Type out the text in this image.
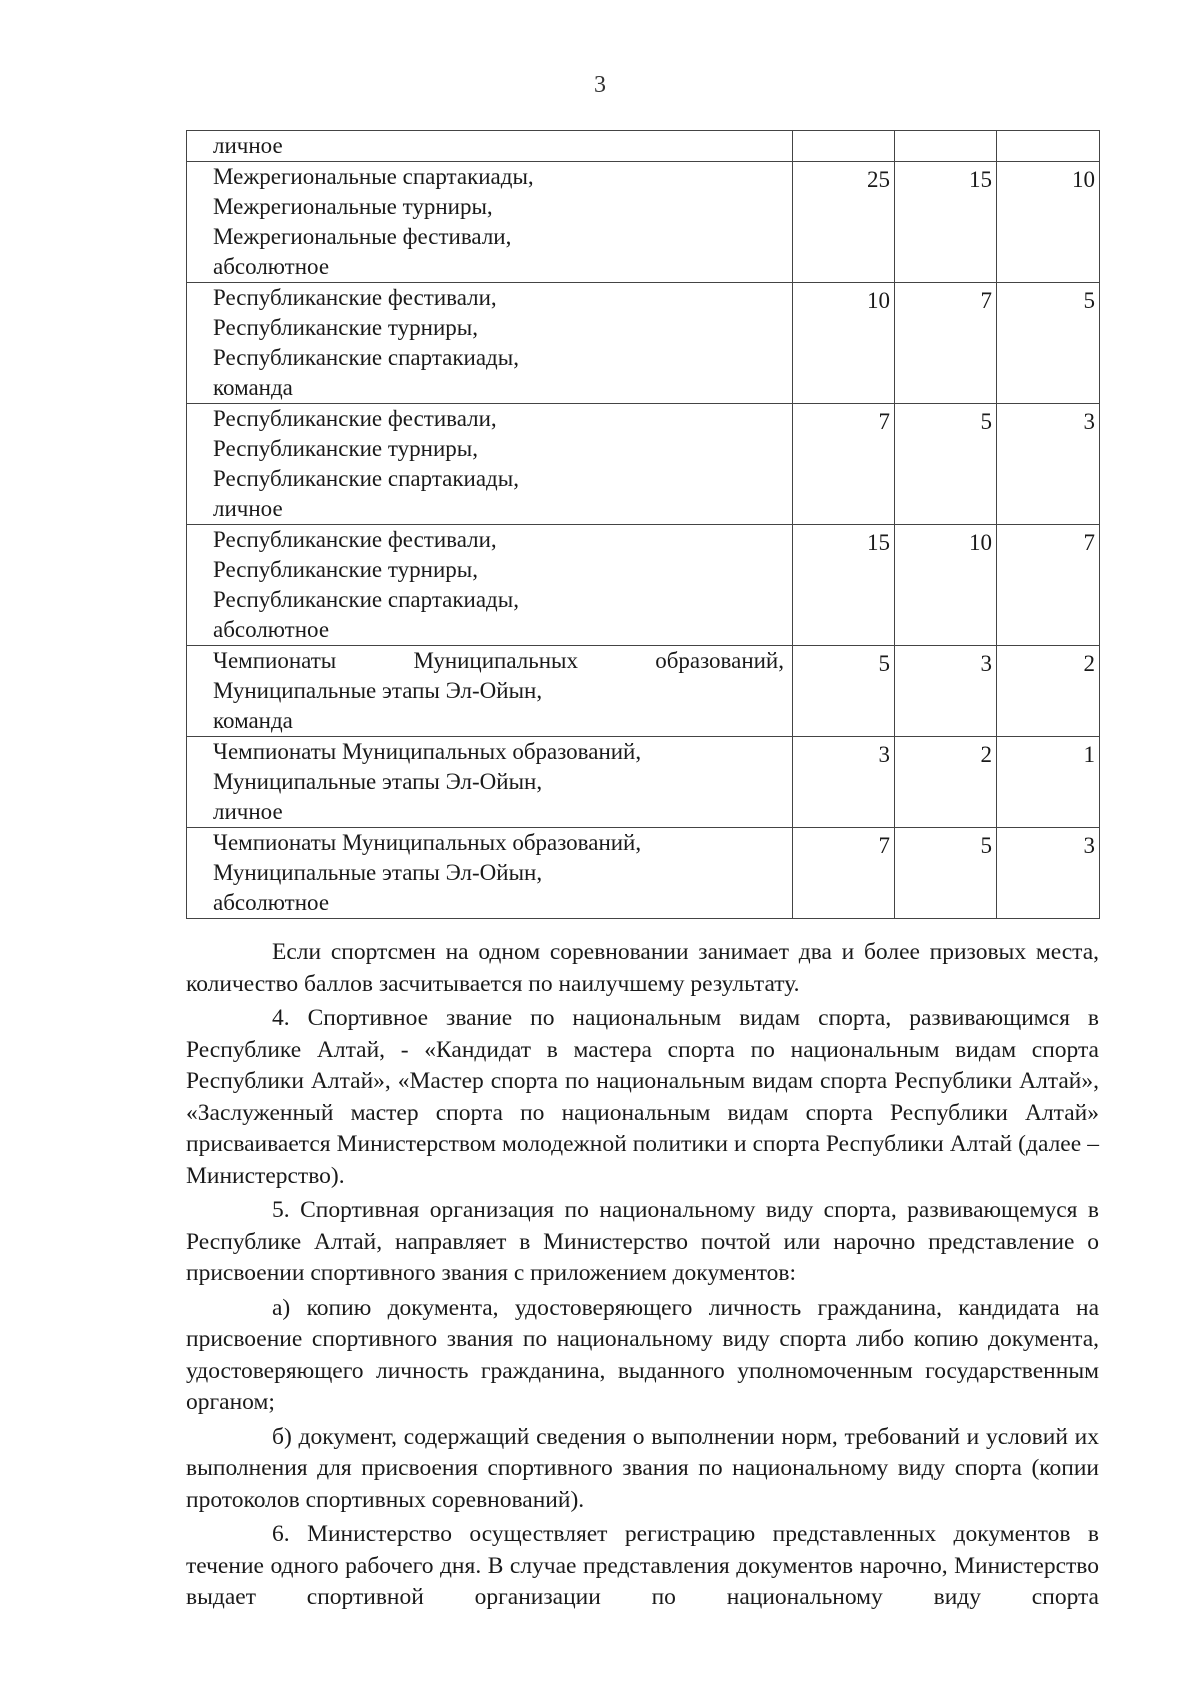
3
личное			

Межрегиональные спартакиады,
Межрегиональные турниры,
Межрегиональные фестивали,
абсолютное	25	15	10

Республиканские фестивали,
Республиканские турниры,
Республиканские спартакиады,
команда	10	7	5

Республиканские фестивали,
Республиканские турниры,
Республиканские спартакиады,
личное	7	5	3

Республиканские фестивали,
Республиканские турниры,
Республиканские спартакиады,
абсолютное	15	10	7

Чемпионаты Муниципальных образований,
Муниципальные этапы Эл-Ойын,
команда	5	3	2

Чемпионаты Муниципальных образований,
Муниципальные этапы Эл-Ойын,
личное	3	2	1

Чемпионаты Муниципальных образований,
Муниципальные этапы Эл-Ойын,
абсолютное	7	5	3

Если спортсмен на одном соревновании занимает два и более призовых места, количество баллов засчитывается по наилучшему результату.

4. Спортивное звание по национальным видам спорта, развивающимся в Республике Алтай, - «Кандидат в мастера спорта по национальным видам спорта Республики Алтай», «Мастер спорта по национальным видам спорта Республики Алтай», «Заслуженный мастер спорта по национальным видам спорта Республики Алтай» присваивается Министерством молодежной политики и спорта Республики Алтай (далее – Министерство).

5. Спортивная организация по национальному виду спорта, развивающемуся в Республике Алтай, направляет в Министерство почтой или нарочно представление о присвоении спортивного звания с приложением документов:

а) копию документа, удостоверяющего личность гражданина, кандидата на присвоение спортивного звания по национальному виду спорта либо копию документа, удостоверяющего личность гражданина, выданного уполномоченным государственным органом;

б) документ, содержащий сведения о выполнении норм, требований и условий их выполнения для присвоения спортивного звания по национальному виду спорта (копии протоколов спортивных соревнований).

6. Министерство осуществляет регистрацию представленных документов в течение одного рабочего дня. В случае представления документов нарочно, Министерство выдает спортивной организации по национальному виду спорта
